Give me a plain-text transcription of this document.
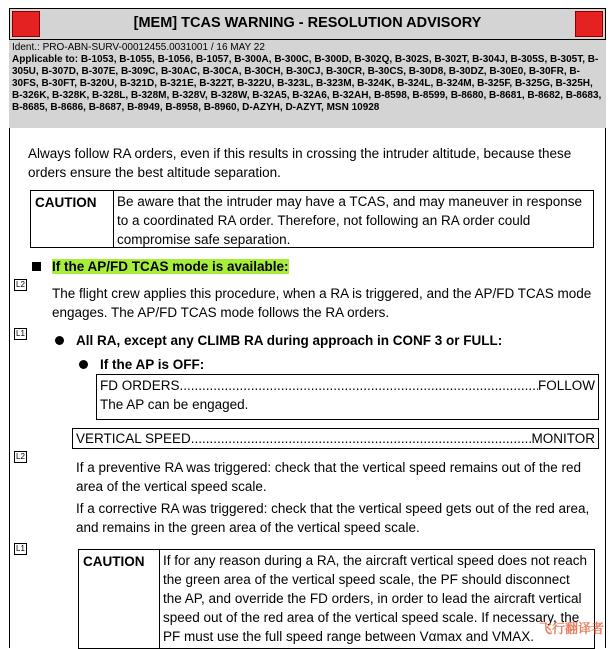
[MEM] TCAS WARNING - RESOLUTION ADVISORY
Ident.: PRO-ABN-SURV-00012455.0031001 / 16 MAY 22
Applicable to: B-1053, B-1055, B-1056, B-1057, B-300A, B-300C, B-300D, B-302Q, B-302S, B-302T, B-304J, B-305S, B-305T, B-305U, B-307D, B-307E, B-309C, B-30AC, B-30CA, B-30CH, B-30CJ, B-30CR, B-30CS, B-30D8, B-30DZ, B-30E0, B-30FR, B-30FS, B-30FT, B-320U, B-321D, B-321E, B-322T, B-322U, B-323L, B-323M, B-324K, B-324L, B-324M, B-325F, B-325G, B-325H, B-326K, B-328K, B-328L, B-328M, B-328V, B-328W, B-32A5, B-32A6, B-32AH, B-8598, B-8599, B-8680, B-8681, B-8682, B-8683, B-8685, B-8686, B-8687, B-8949, B-8958, B-8960, D-AZYH, D-AZYT, MSN 10928
Always follow RA orders, even if this results in crossing the intruder altitude, because these orders ensure the best altitude separation.
CAUTION	Be aware that the intruder may have a TCAS, and may maneuver in response to a coordinated RA order. Therefore, not following an RA order could compromise safe separation.
If the AP/FD TCAS mode is available:
L2
The flight crew applies this procedure, when a RA is triggered, and the AP/FD TCAS mode engages. The AP/FD TCAS mode follows the RA orders.
L1	All RA, except any CLIMB RA during approach in CONF 3 or FULL:
If the AP is OFF:
FD ORDERS .....	FOLLOW
The AP can be engaged.
VERTICAL SPEED .....	MONITOR
L2
If a preventive RA was triggered: check that the vertical speed remains out of the red area of the vertical speed scale.
If a corrective RA was triggered: check that the vertical speed gets out of the red area, and remains in the green area of the vertical speed scale.
L1
CAUTION	If for any reason during a RA, the aircraft vertical speed does not reach the green area of the vertical speed scale, the PF should disconnect the AP, and override the FD orders, in order to lead the aircraft vertical speed out of the red area of the vertical speed scale. If necessary, the PF must use the full speed range between Vαmax and VMAX.
飞行翻译者
